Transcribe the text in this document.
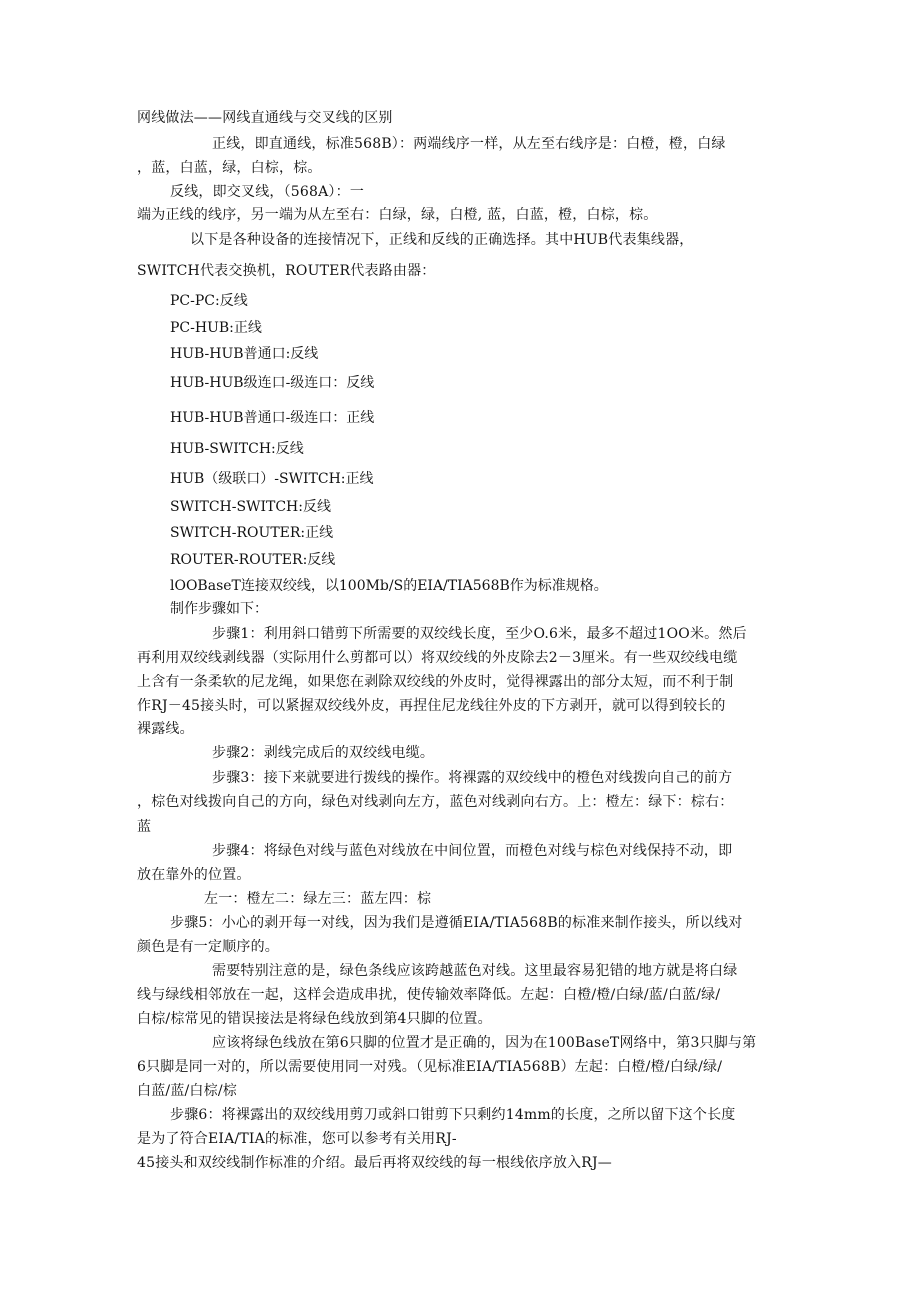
网线做法——网线直通线与交叉线的区别
正线，即直通线，标准568B）：两端线序一样，从左至右线序是：白橙，橙，白绿
，蓝，白蓝，绿，白棕，棕。
反线，即交叉线，（568A）：一
端为正线的线序，另一端为从左至右：白绿，绿，白橙, 蓝，白蓝，橙，白棕，棕。
以下是各种设备的连接情况下，正线和反线的正确选择。其中HUB代表集线器，
SWITCH代表交换机，ROUTER代表路由器：
PC-PC:反线
PC-HUB:正线
HUB-HUB普通口:反线
HUB-HUB级连口-级连口：反线
HUB-HUB普通口-级连口：正线
HUB-SWITCH:反线
HUB（级联口）-SWITCH:正线
SWITCH-SWITCH:反线
SWITCH-ROUTER:正线
ROUTER-ROUTER:反线
lOOBaseT连接双绞线，以100Mb/S的EIA/TIA568B作为标准规格。
制作步骤如下：
步骤1：利用斜口错剪下所需要的双绞线长度，至少O.6米，最多不超过1OO米。然后
再利用双绞线剥线器（实际用什么剪都可以）将双绞线的外皮除去2－3厘米。有一些双绞线电缆
上含有一条柔软的尼龙绳，如果您在剥除双绞线的外皮时，觉得裸露出的部分太短，而不利于制
作RJ－45接头时，可以紧握双绞线外皮，再捏住尼龙线往外皮的下方剥开，就可以得到较长的
裸露线。
步骤2：剥线完成后的双绞线电缆。
步骤3：接下来就要进行拨线的操作。将裸露的双绞线中的橙色对线拨向自己的前方
，棕色对线拨向自己的方向，绿色对线剥向左方，蓝色对线剥向右方。上：橙左：绿下：棕右：
蓝
步骤4：将绿色对线与蓝色对线放在中间位置，而橙色对线与棕色对线保持不动，即
放在靠外的位置。
左一：橙左二：绿左三：蓝左四：棕
步骤5：小心的剥开每一对线，因为我们是遵循EIA/TIA568B的标准来制作接头，所以线对
颜色是有一定顺序的。
需要特别注意的是，绿色条线应该跨越蓝色对线。这里最容易犯错的地方就是将白绿
线与绿线相邻放在一起，这样会造成串扰，使传输效率降低。左起：白橙/橙/白绿/蓝/白蓝/绿/
白棕/棕常见的错误接法是将绿色线放到第4只脚的位置。
应该将绿色线放在第6只脚的位置才是正确的，因为在100BaseT网络中，第3只脚与第
6只脚是同一对的，所以需要使用同一对残。（见标准EIA/TIA568B）左起：白橙/橙/白绿/绿/
白蓝/蓝/白棕/棕
步骤6：将裸露出的双绞线用剪刀或斜口钳剪下只剩约14mm的长度，之所以留下这个长度
是为了符合EIA/TIA的标准，您可以参考有关用RJ-
45接头和双绞线制作标准的介绍。最后再将双绞线的每一根线依序放入RJ—
